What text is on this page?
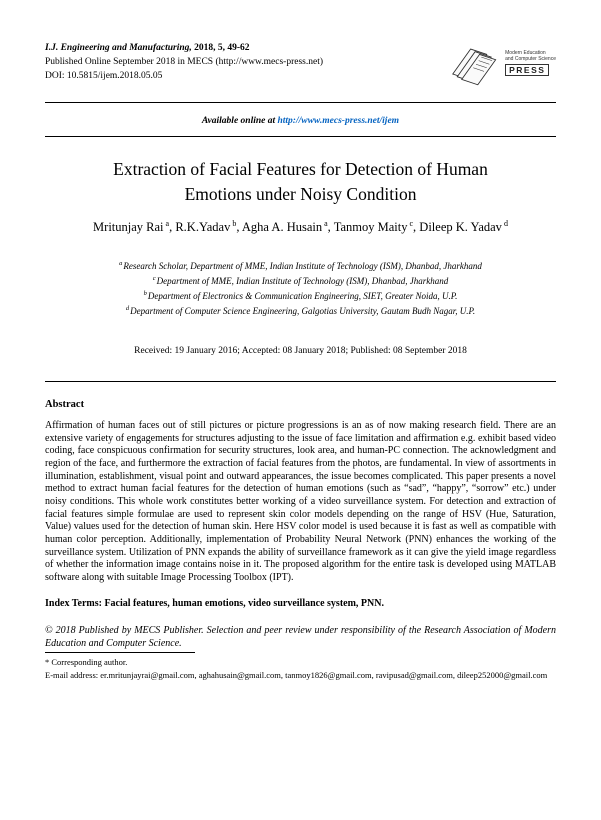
I.J. Engineering and Manufacturing, 2018, 5, 49-62
Published Online September 2018 in MECS (http://www.mecs-press.net)
DOI: 10.5815/ijem.2018.05.05
Modern Education
and Computer Science
PRESS
Available online at http://www.mecs-press.net/ijem
Extraction of Facial Features for Detection of Human Emotions under Noisy Condition
Mritunjay Rai $^a$, R.K.Yadav $^b$, Agha A. Husain $^a$, Tanmoy Maity $^c$, Dileep K. Yadav $^d$
$^a$Research Scholar, Department of MME, Indian Institute of Technology (ISM), Dhanbad, Jharkhand
$^c$Department of MME, Indian Institute of Technology (ISM), Dhanbad, Jharkhand
$^b$Department of Electronics & Communication Engineering, SIET, Greater Noida, U.P.
$^d$Department of Computer Science Engineering, Galgotias University, Gautam Budh Nagar, U.P.
Received: 19 January 2016; Accepted: 08 January 2018; Published: 08 September 2018
Abstract

Affirmation of human faces out of still pictures or picture progressions is an as of now making research field. There are an extensive variety of engagements for structures adjusting to the issue of face limitation and affirmation e.g. exhibit based video coding, face conspicuous confirmation for security structures, look area, and human-PC connection. The acknowledgment and region of the face, and furthermore the extraction of facial features from the photos, are fundamental. In view of assortments in illumination, establishment, visual point and outward appearances, the issue becomes complicated. This paper presents a novel method to extract human facial features for the detection of human emotions (such as “sad”, “happy”, “sorrow” etc.) under noisy conditions. This whole work constitutes better working of a video surveillance system. For detection and extraction of facial features simple formulae are used to represent skin color models depending on the range of HSV (Hue, Saturation, Value) values used for the detection of human skin. Here HSV color model is used because it is fast as well as compatible with human color perception. Additionally, implementation of Probability Neural Network (PNN) enhances the working of the surveillance system. Utilization of PNN expands the ability of surveillance framework as it can give the yield image regardless of whether the information image contains noise in it. The proposed algorithm for the entire task is developed using MATLAB software along with suitable Image Processing Toolbox (IPT).

Index Terms: Facial features, human emotions, video surveillance system, PNN.

© 2018 Published by MECS Publisher. Selection and peer review under responsibility of the Research Association of Modern Education and Computer Science.

* Corresponding author.
E-mail address: er.mritunjayrai@gmail.com, aghahusain@gmail.com, tanmoy1826@gmail.com, ravipusad@gmail.com, dileep252000@gmail.com
